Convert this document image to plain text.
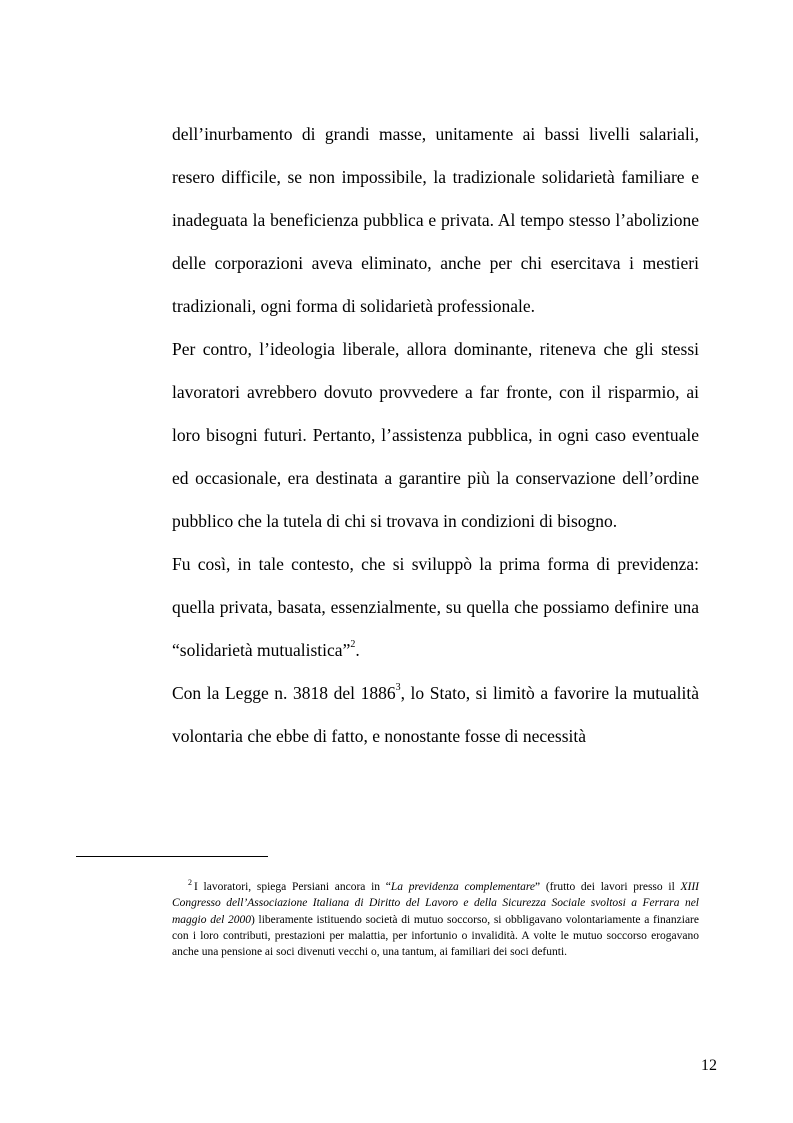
dell’inurbamento di grandi masse, unitamente ai bassi livelli salariali, resero difficile, se non impossibile, la tradizionale solidarietà familiare e inadeguata la beneficienza pubblica e privata. Al tempo stesso l’abolizione delle corporazioni aveva eliminato, anche per chi esercitava i mestieri tradizionali, ogni forma di solidarietà professionale.

Per contro, l’ideologia liberale, allora dominante, riteneva che gli stessi lavoratori avrebbero dovuto provvedere a far fronte, con il risparmio, ai loro bisogni futuri. Pertanto, l’assistenza pubblica, in ogni caso eventuale ed occasionale, era destinata a garantire più la conservazione dell’ordine pubblico che la tutela di chi si trovava in condizioni di bisogno.

Fu così, in tale contesto, che si sviluppò la prima forma di previdenza: quella privata, basata, essenzialmente, su quella che possiamo definire una “solidarietà mutualistica”$^2$.

Con la Legge n. 3818 del 1886$^3$, lo Stato, si limitò a favorire la mutualità volontaria che ebbe di fatto, e nonostante fosse di necessità

$^2$ I lavoratori, spiega Persiani ancora in “La previdenza complementare” (frutto dei lavori presso il XIII Congresso dell’Associazione Italiana di Diritto del Lavoro e della Sicurezza Sociale svoltosi a Ferrara nel maggio del 2000) liberamente istituendo società di mutuo soccorso, si obbligavano volontariamente a finanziare con i loro contributi, prestazioni per malattia, per infortunio o invalidità. A volte le mutuo soccorso erogavano anche una pensione ai soci divenuti vecchi o, una tantum, ai familiari dei soci defunti.

12
